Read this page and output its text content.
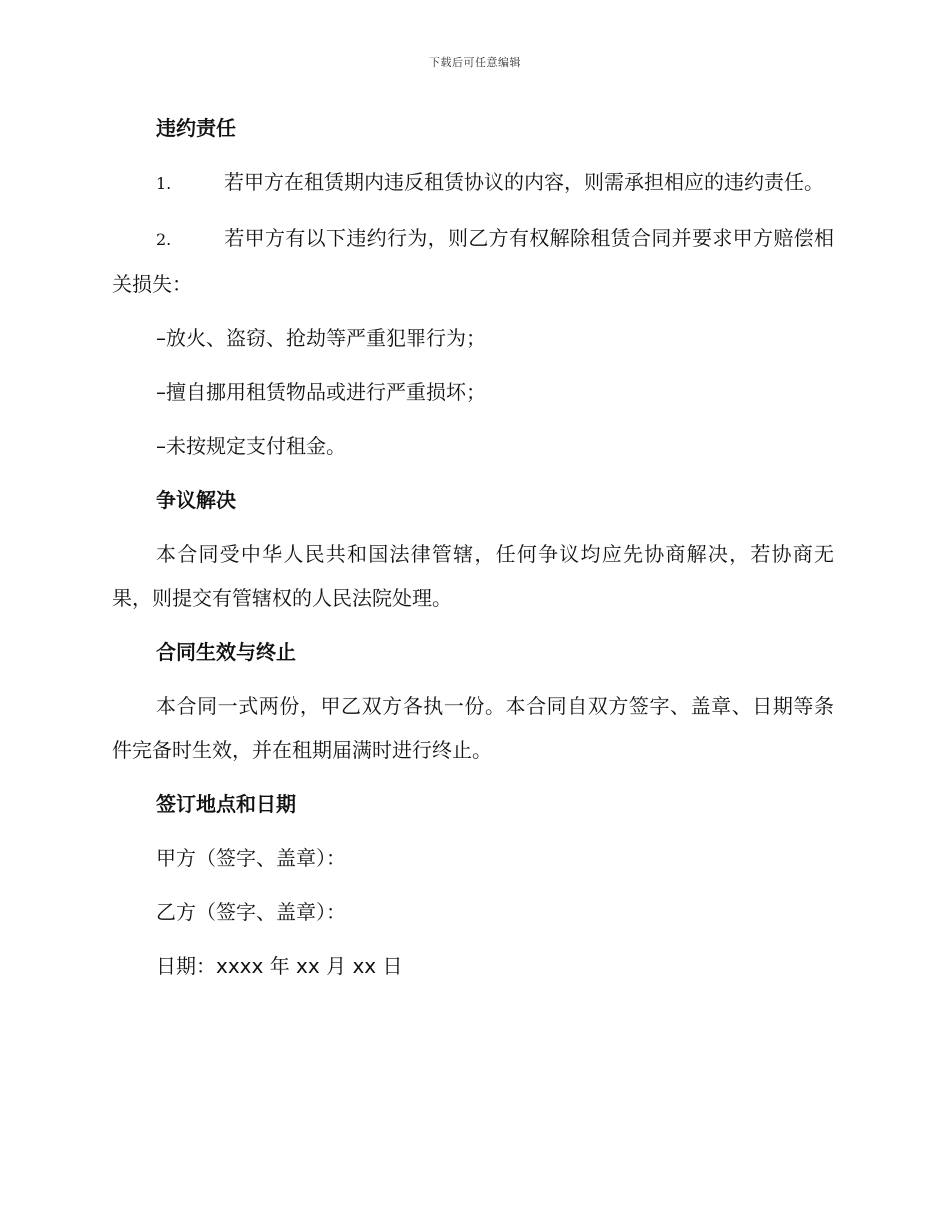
下载后可任意编辑
违约责任
1.	若甲方在租赁期内违反租赁协议的内容，则需承担相应的违约责任。
2.	若甲方有以下违约行为，则乙方有权解除租赁合同并要求甲方赔偿相关损失：
–放火、盗窃、抢劫等严重犯罪行为；
–擅自挪用租赁物品或进行严重损坏；
–未按规定支付租金。
争议解决
本合同受中华人民共和国法律管辖，任何争议均应先协商解决，若协商无果，则提交有管辖权的人民法院处理。
合同生效与终止
本合同一式两份，甲乙双方各执一份。本合同自双方签字、盖章、日期等条件完备时生效，并在租期届满时进行终止。
签订地点和日期
甲方（签字、盖章）：
乙方（签字、盖章）：
日期：xxxx 年 xx 月 xx 日
